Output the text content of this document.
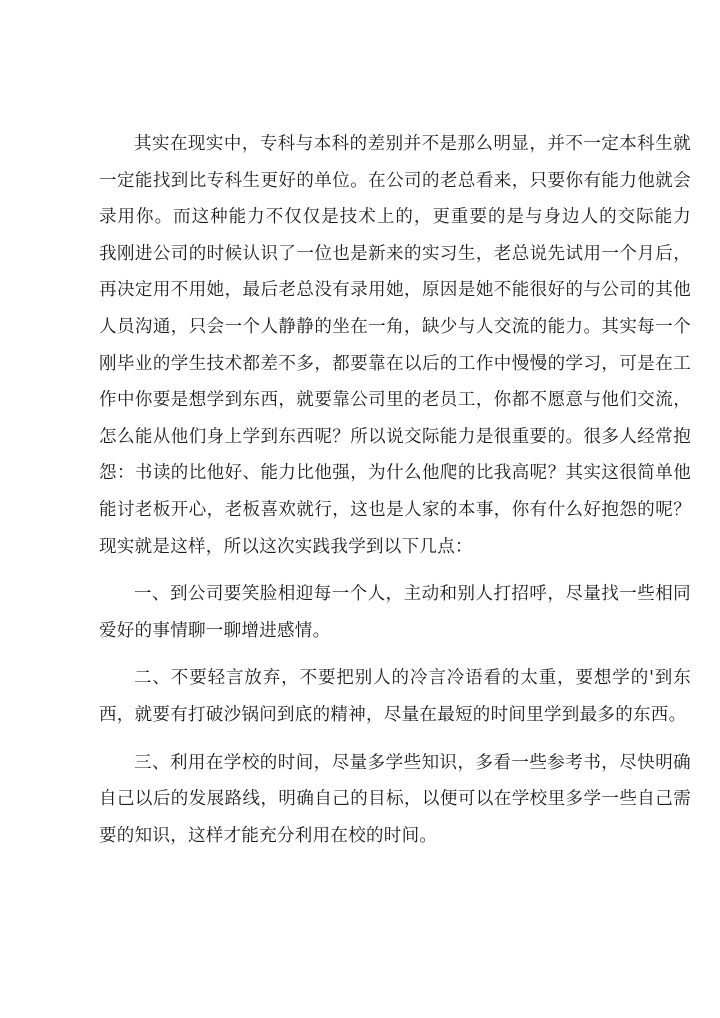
其实在现实中，专科与本科的差别并不是那么明显，并不一定本科生就一定能找到比专科生更好的单位。在公司的老总看来，只要你有能力他就会录用你。而这种能力不仅仅是技术上的，更重要的是与身边人的交际能力 我刚进公司的时候认识了一位也是新来的实习生，老总说先试用一个月后，再决定用不用她，最后老总没有录用她，原因是她不能很好的与公司的其他人员沟通，只会一个人静静的坐在一角，缺少与人交流的能力。其实每一个刚毕业的学生技术都差不多，都要靠在以后的工作中慢慢的学习，可是在工作中你要是想学到东西，就要靠公司里的老员工，你都不愿意与他们交流，怎么能从他们身上学到东西呢？所以说交际能力是很重要的。很多人经常抱怨：书读的比他好、能力比他强，为什么他爬的比我高呢？其实这很简单他能讨老板开心，老板喜欢就行，这也是人家的本事，你有什么好抱怨的呢？现实就是这样，所以这次实践我学到以下几点：

一、到公司要笑脸相迎每一个人，主动和别人打招呼，尽量找一些相同爱好的事情聊一聊增进感情。

二、不要轻言放弃，不要把别人的冷言冷语看的太重，要想学的'到东西，就要有打破沙锅问到底的精神，尽量在最短的时间里学到最多的东西。

三、利用在学校的时间，尽量多学些知识，多看一些参考书，尽快明确自己以后的发展路线，明确自己的目标，以便可以在学校里多学一些自己需要的知识，这样才能充分利用在校的时间。
